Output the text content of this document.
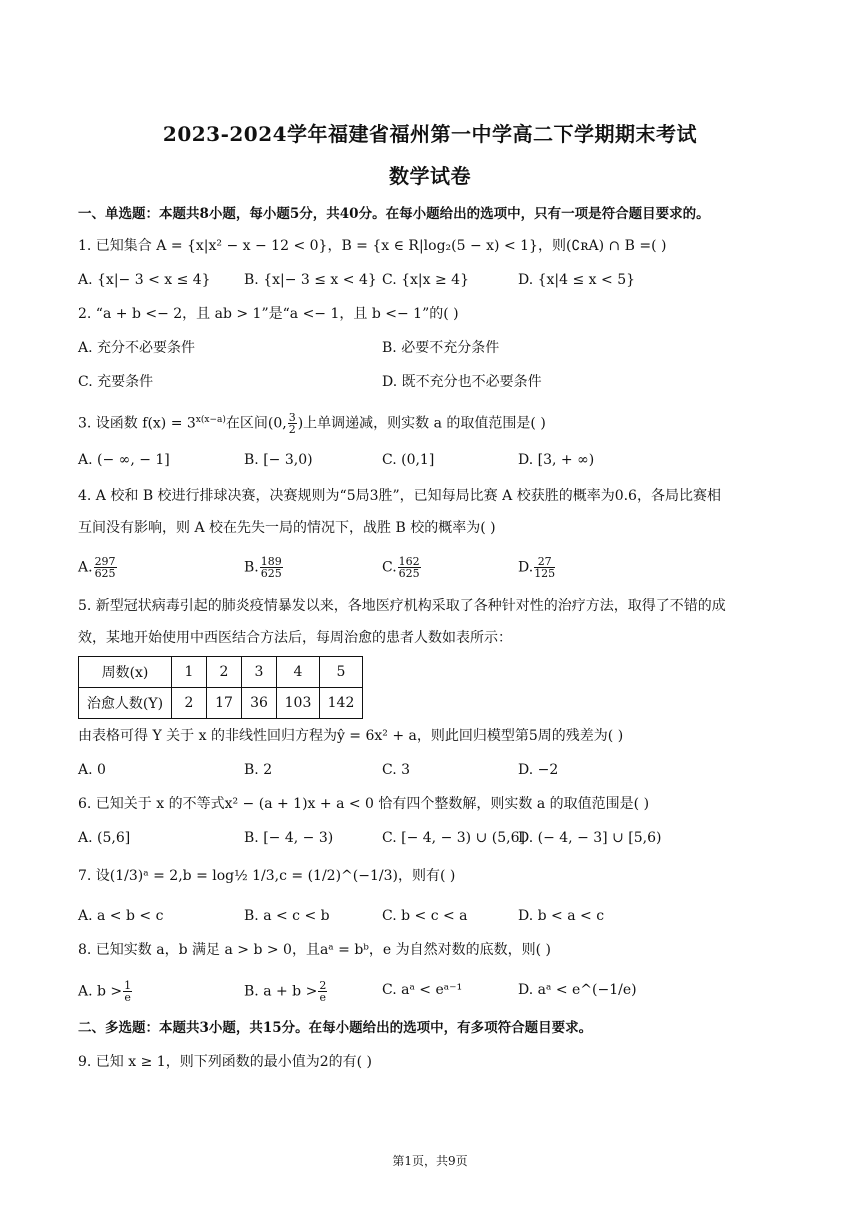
2023-2024学年福建省福州第一中学高二下学期期末考试
数学试卷
一、单选题：本题共8小题，每小题5分，共40分。在每小题给出的选项中，只有一项是符合题目要求的。
1. 已知集合 A = {x|x² − x − 12 < 0}，B = {x ∈ R|log₂(5 − x) < 1}，则(∁ʀA) ∩ B =( )
A. {x|− 3 < x ≤ 4} B. {x|− 3 ≤ x < 4} C. {x|x ≥ 4}	D. {x|4 ≤ x < 5}
2. “a + b <− 2，且 ab > 1”是“a <− 1，且 b <− 1”的( )
A. 充分不必要条件	B. 必要不充分条件
C. 充要条件	D. 既不充分也不必要条件
3. 设函数 $f(x) = 3^{x(x-a)}$在区间(0, $\frac{3}{2}$ )上单调递减，则实数 a 的取值范围是( )
A. (− ∞, − 1]	B. [− 3,0)	C. (0,1]	D. [3, + ∞)
4. A 校和 B 校进行排球决赛，决赛规则为“5局3胜”，已知每局比赛 A 校获胜的概率为0.6，各局比赛相
互间没有影响，则 A 校在先失一局的情况下，战胜 B 校的概率为( )
A. $\frac{297}{625}$	B. $\frac{189}{625}$	C. $\frac{162}{625}$	D. $\frac{27}{125}$
5. 新型冠状病毒引起的肺炎疫情暴发以来，各地医疗机构采取了各种针对性的治疗方法，取得了不错的成
效，某地开始使用中西医结合方法后，每周治愈的患者人数如表所示：
周数(x)	1	2	3	4	5
治愈人数(Y)	2	17	36	103	142
由表格可得 Y 关于 x 的非线性回归方程为ŷ = 6x² + a，则此回归模型第5周的残差为( )
A. 0	B. 2	C. 3	D. −2
6. 已知关于 x 的不等式x² − (a + 1)x + a < 0 恰有四个整数解，则实数 a 的取值范围是( )
A. (5,6]	B. [− 4, − 3)	C. [− 4, − 3) ∪ (5,6]
D. (− 4, − 3] ∪ [5,6)
7. 设(1/3)ᵃ = 2,b = log½ 1/3,c = (1/2)^(−1/3)，则有( )
A. a < b < c	B. a < c < b	C. b < c < a	D. b < a < c
8. 已知实数 a，b 满足 a > b > 0，且aᵃ = bᵇ，e 为自然对数的底数，则( )
A. $b > \frac{1}{e}$	B. $a + b > \frac{2}{e}$	C. aᵃ < eᵃ⁻¹	D. aᵃ < e^(−1/e)
二、多选题：本题共3小题，共15分。在每小题给出的选项中，有多项符合题目要求。
9. 已知 x ≥ 1，则下列函数的最小值为2的有( )
第1页，共9页
